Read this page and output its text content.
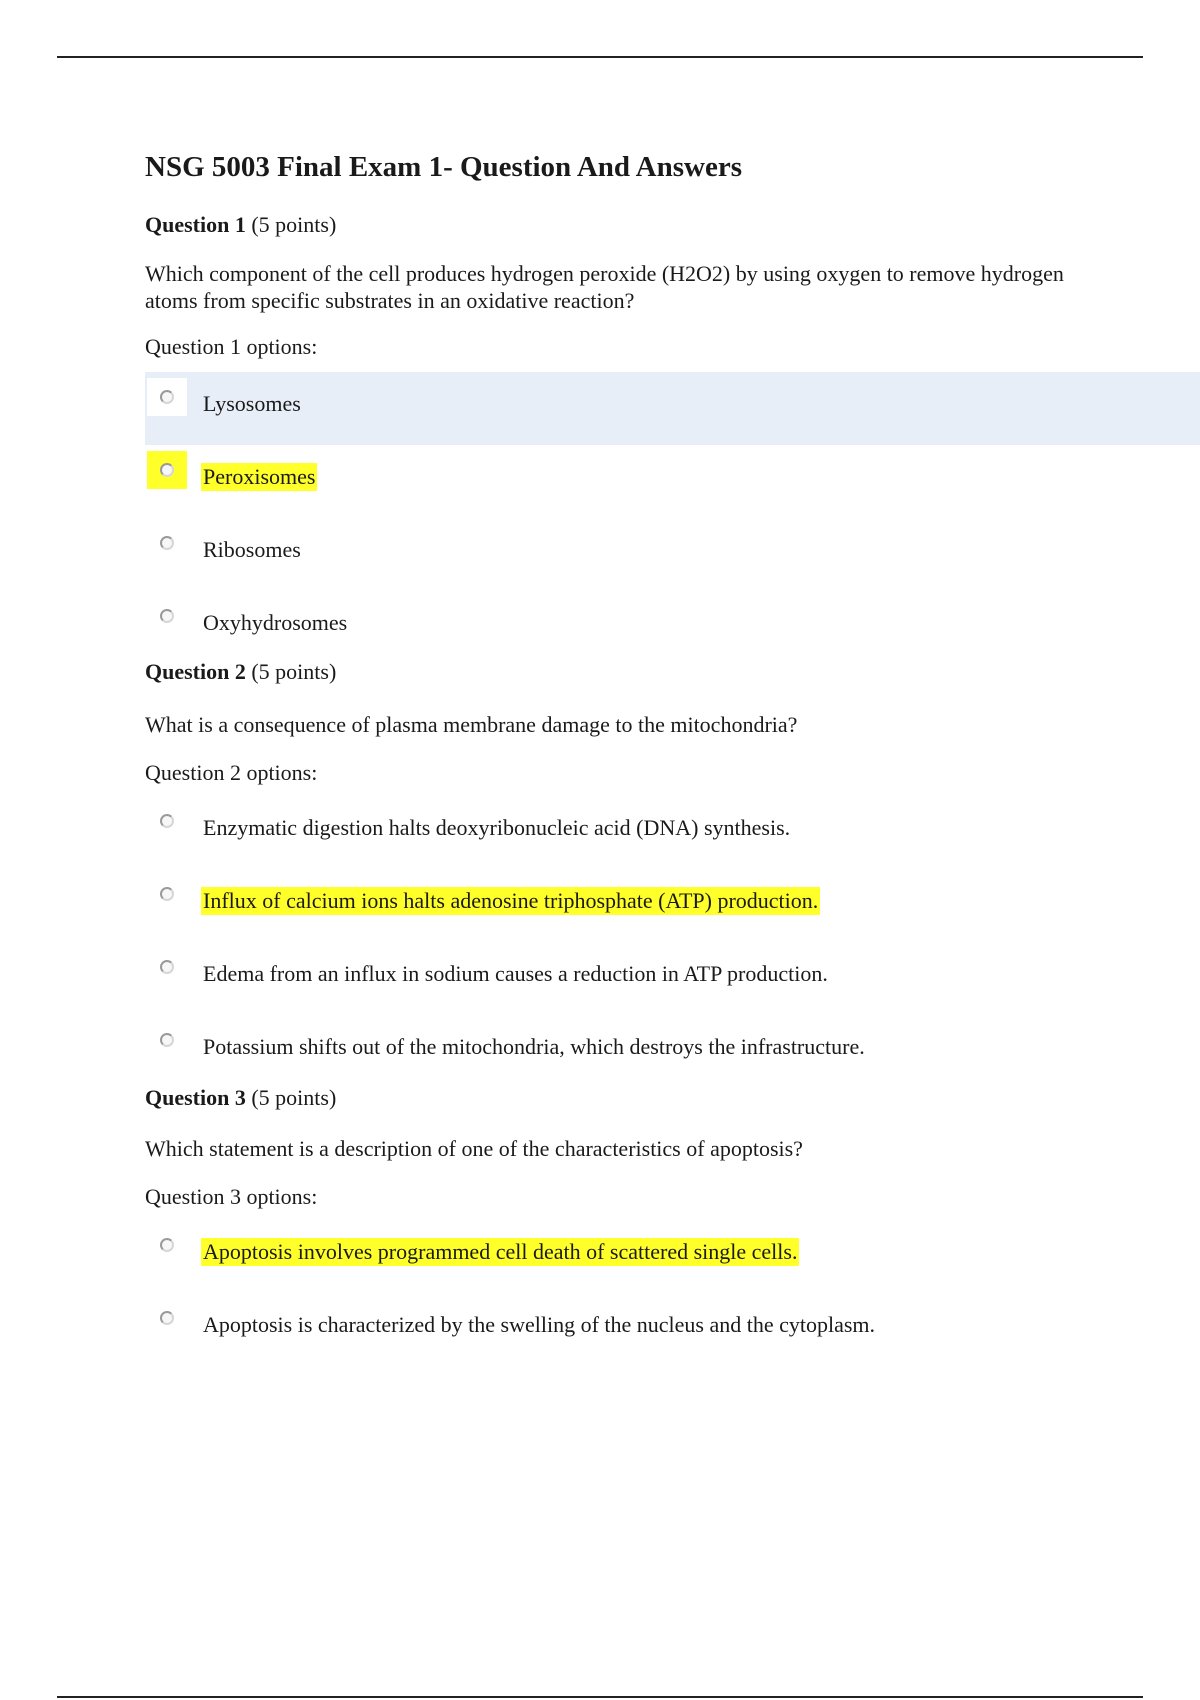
NSG 5003 Final Exam 1- Question And Answers

Question 1 (5 points)

Which component of the cell produces hydrogen peroxide (H2O2) by using oxygen to remove hydrogen atoms from specific substrates in an oxidative reaction?

Question 1 options:

Lysosomes
Peroxisomes
Ribosomes
Oxyhydrosomes

Question 2 (5 points)

What is a consequence of plasma membrane damage to the mitochondria?

Question 2 options:

Enzymatic digestion halts deoxyribonucleic acid (DNA) synthesis.
Influx of calcium ions halts adenosine triphosphate (ATP) production.
Edema from an influx in sodium causes a reduction in ATP production.
Potassium shifts out of the mitochondria, which destroys the infrastructure.

Question 3 (5 points)

Which statement is a description of one of the characteristics of apoptosis?

Question 3 options:

Apoptosis involves programmed cell death of scattered single cells.
Apoptosis is characterized by the swelling of the nucleus and the cytoplasm.
